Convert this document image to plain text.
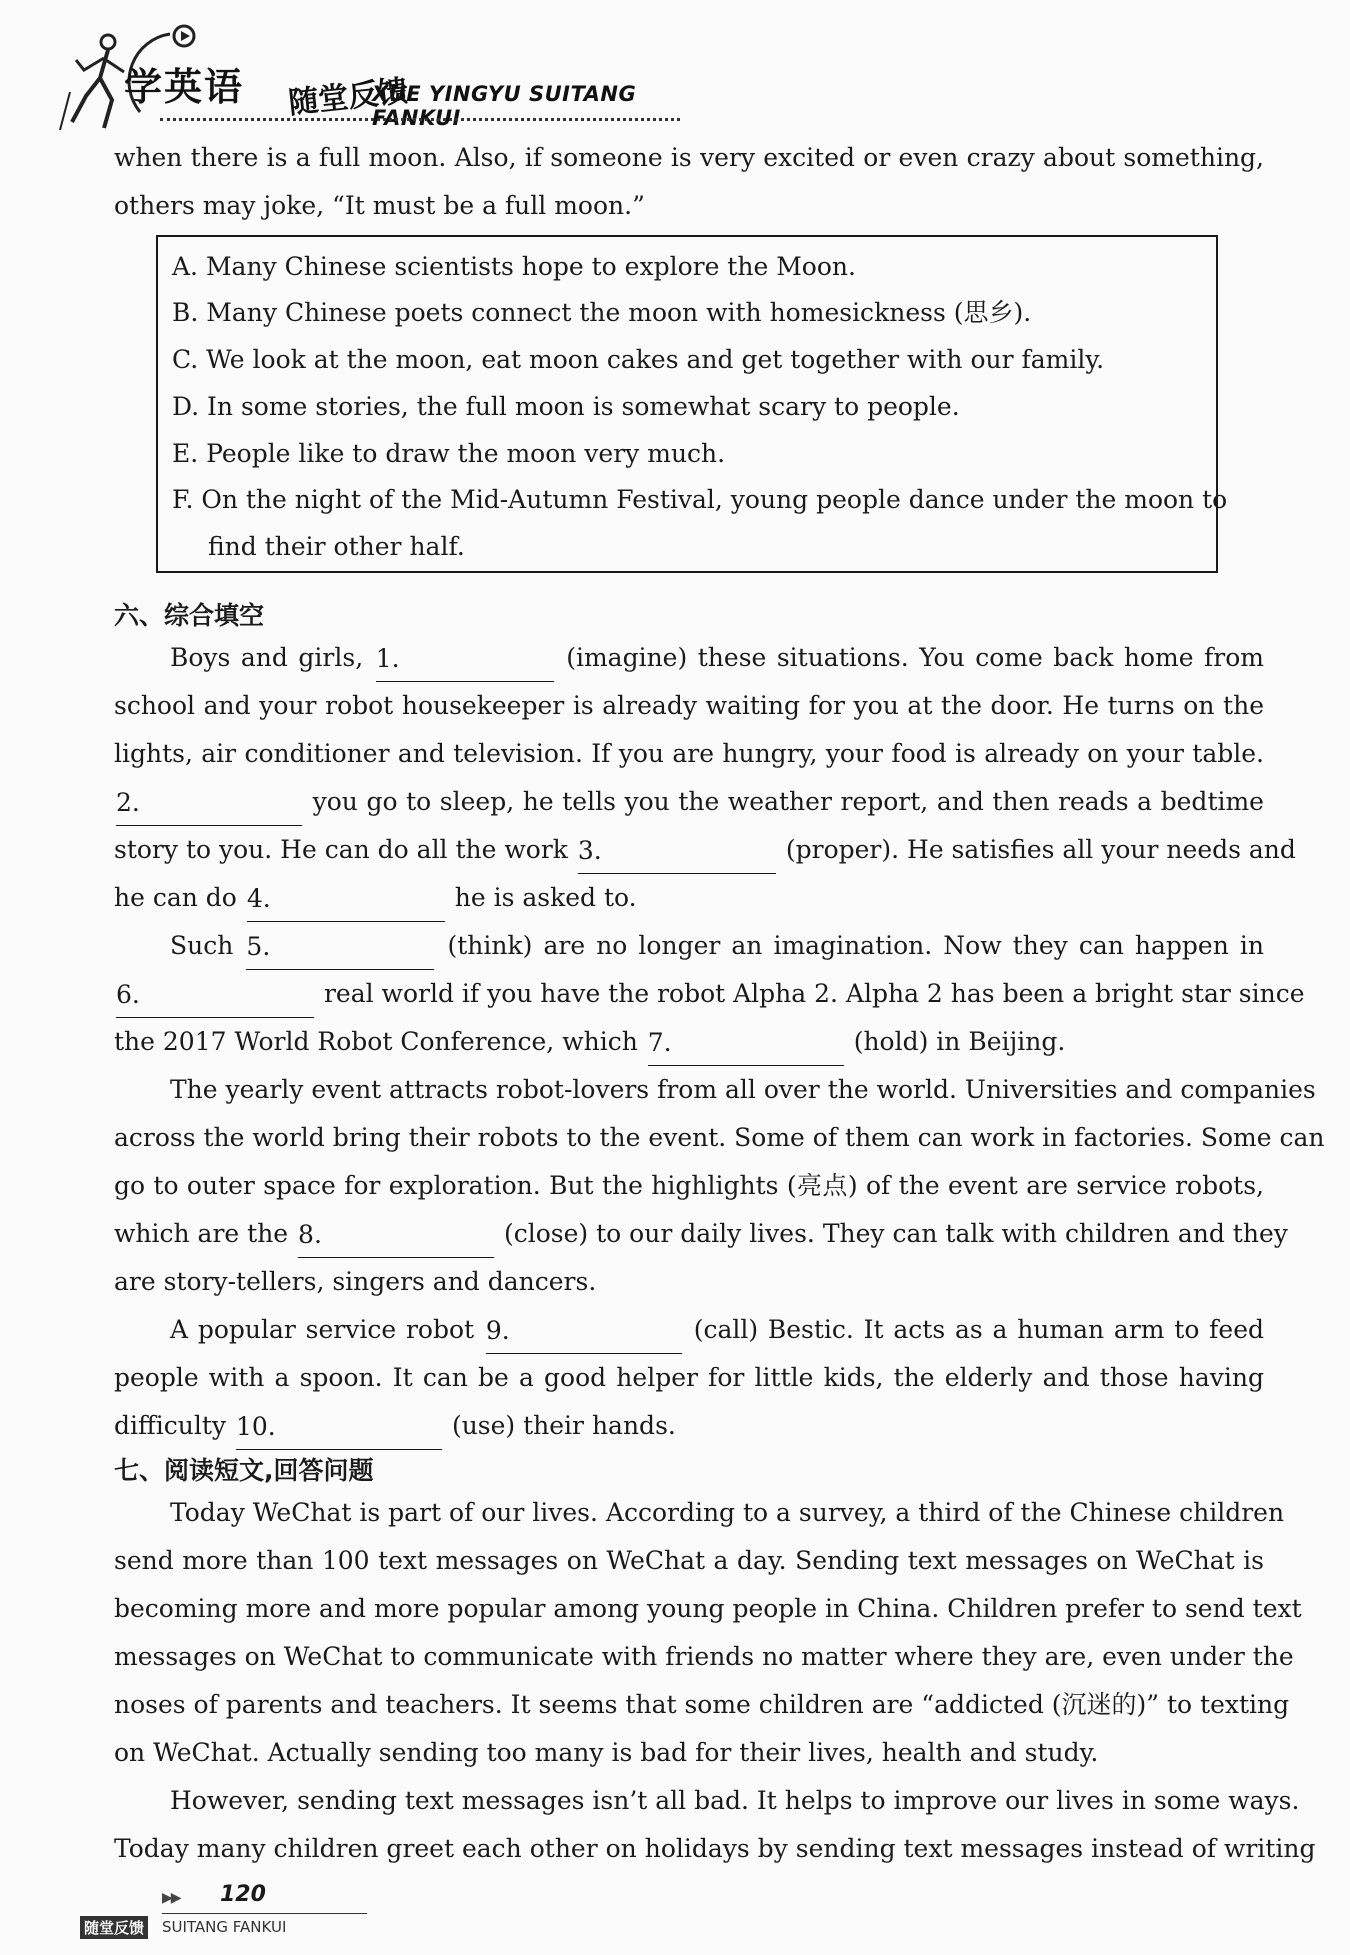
学英语 随堂反馈
XUE YINGYU SUITANG FANKUI
when there is a full moon. Also, if someone is very excited or even crazy about something,
others may joke, “It must be a full moon.”
A. Many Chinese scientists hope to explore the Moon.
B. Many Chinese poets connect the moon with homesickness (思乡).
C. We look at the moon, eat moon cakes and get together with our family.
D. In some stories, the full moon is somewhat scary to people.
E. People like to draw the moon very much.
F. On the night of the Mid-Autumn Festival, young people dance under the moon to
find their other half.
六、综合填空
Boys and girls, 1.	(imagine) these situations. You come back home from
school and your robot housekeeper is already waiting for you at the door. He turns on the
lights, air conditioner and television. If you are hungry, your food is already on your table.
2.	you go to sleep, he tells you the weather report, and then reads a bedtime
story to you. He can do all the work 3.	(proper). He satisfies all your needs and
he can do 4.	he is asked to.
Such 5.	(think) are no longer an imagination. Now they can happen in
6.	real world if you have the robot Alpha 2. Alpha 2 has been a bright star since
the 2017 World Robot Conference, which 7.	(hold) in Beijing.
The yearly event attracts robot-lovers from all over the world. Universities and companies
across the world bring their robots to the event. Some of them can work in factories. Some can
go to outer space for exploration. But the highlights (亮点) of the event are service robots,
which are the 8.	(close) to our daily lives. They can talk with children and they
are story-tellers, singers and dancers.
A popular service robot 9.	(call) Bestic. It acts as a human arm to feed
people with a spoon. It can be a good helper for little kids, the elderly and those having
difficulty 10.	(use) their hands.
七、阅读短文,回答问题
Today WeChat is part of our lives. According to a survey, a third of the Chinese children
send more than 100 text messages on WeChat a day. Sending text messages on WeChat is
becoming more and more popular among young people in China. Children prefer to send text
messages on WeChat to communicate with friends no matter where they are, even under the
noses of parents and teachers. It seems that some children are “addicted (沉迷的)” to texting
on WeChat. Actually sending too many is bad for their lives, health and study.
However, sending text messages isn’t all bad. It helps to improve our lives in some ways.
Today many children greet each other on holidays by sending text messages instead of writing
▶▶ 120
随堂反馈 SUITANG FANKUI
